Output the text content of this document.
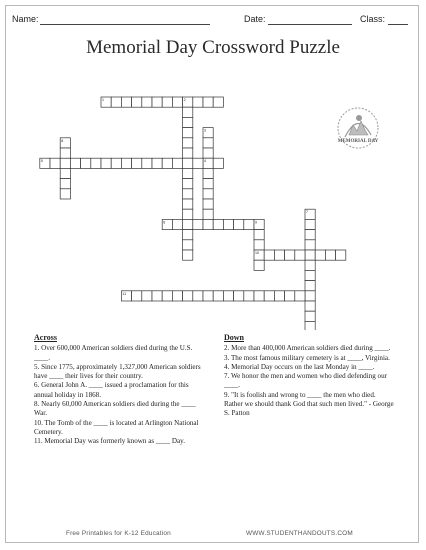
Name:	Date:	Class:
Memorial Day Crossword Puzzle
1	2
3
4
5
8
6	9
7
10
11
MEMORIAL DAY
Across

1. Over 600,000 American soldiers died during the U.S. ____.

5. Since 1775, approximately 1,327,000 American soldiers have ____ their lives for their country.

6. General John A. ____ issued a proclamation for this annual holiday in 1868.

8. Nearly 60,000 American soldiers died during the ____ War.

10. The Tomb of the ____ is located at Arlington National Cemetery.

11. Memorial Day was formerly known as ____ Day.

Down

2. More than 400,000 American soldiers died during ____.

3. The most famous military cemetery is at ____, Virginia.

4. Memorial Day occurs on the last Monday in ____.

7. We honor the men and women who died defending our ____.

9. "It is foolish and wrong to ____ the men who died. Rather we should thank God that such men lived." - George S. Patton

Free Printables for K-12 Education	WWW.STUDENTHANDOUTS.COM
